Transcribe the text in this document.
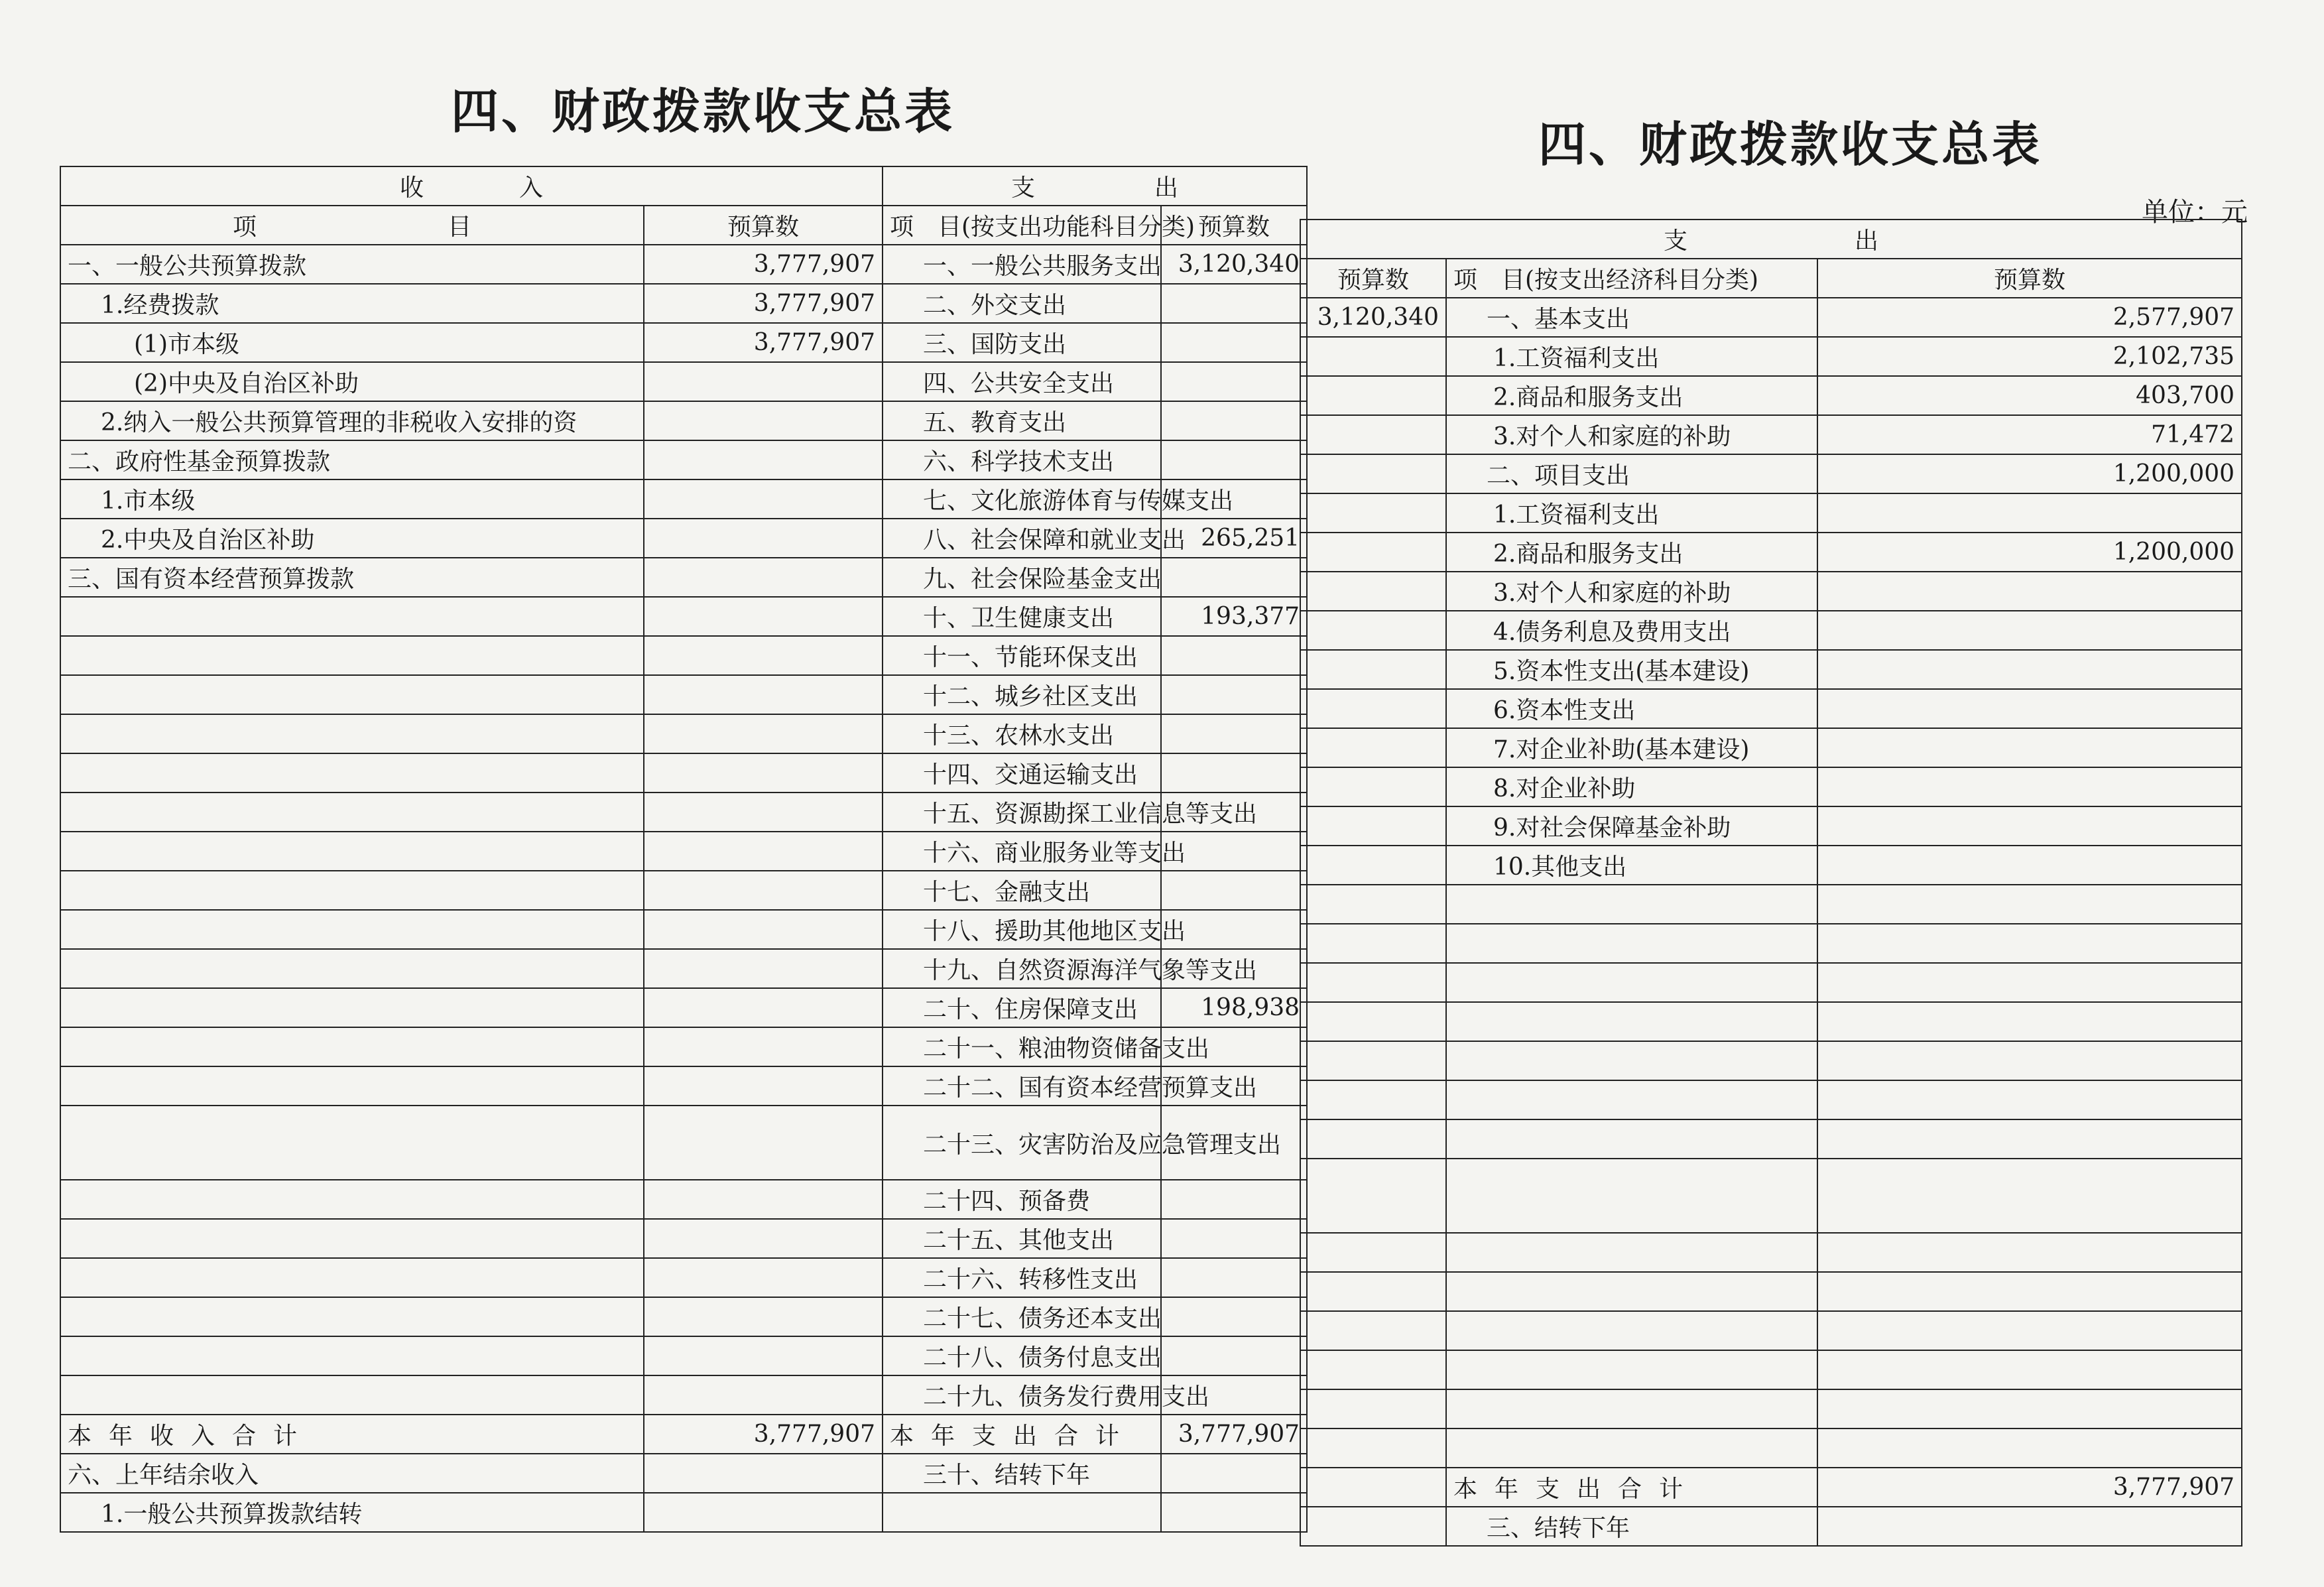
四、财政拨款收支总表
四、财政拨款收支总表
单位：元
收　　　　入		支　　　　　出	
项　　　　　　　　目	预算数	项　目(按支出功能科目分类)	预算数
一、一般公共预算拨款	3,777,907	一、一般公共服务支出	3,120,340
1.经费拨款	3,777,907	二、外交支出	
(1)市本级	3,777,907	三、国防支出	
(2)中央及自治区补助		四、公共安全支出	
2.纳入一般公共预算管理的非税收入安排的资		五、教育支出	
二、政府性基金预算拨款		六、科学技术支出	
1.市本级		七、文化旅游体育与传媒支出	
2.中央及自治区补助		八、社会保障和就业支出	265,251
三、国有资本经营预算拨款		九、社会保险基金支出	
		十、卫生健康支出	193,377
		十一、节能环保支出	
		十二、城乡社区支出	
		十三、农林水支出	
		十四、交通运输支出	
		十五、资源勘探工业信息等支出	
		十六、商业服务业等支出	
		十七、金融支出	
		十八、援助其他地区支出	
		十九、自然资源海洋气象等支出	
		二十、住房保障支出	198,938
		二十一、粮油物资储备支出	
		二十二、国有资本经营预算支出	
		二十三、灾害防治及应急管理支出	
		二十四、预备费	
		二十五、其他支出	
		二十六、转移性支出	
		二十七、债务还本支出	
		二十八、债务付息支出	
		二十九、债务发行费用支出	
本年收入合计	3,777,907	本年支出合计	3,777,907
六、上年结余收入		三十、结转下年	
1.一般公共预算拨款结转			
支　　　　　　　出		
预算数	项　目(按支出经济科目分类)	预算数
3,120,340	一、基本支出	2,577,907
	1.工资福利支出	2,102,735
	2.商品和服务支出	403,700
	3.对个人和家庭的补助	71,472
	二、项目支出	1,200,000
	1.工资福利支出	
	2.商品和服务支出	1,200,000
	3.对个人和家庭的补助	
	4.债务利息及费用支出	
	5.资本性支出(基本建设)	
	6.资本性支出	
	7.对企业补助(基本建设)	
	8.对企业补助	
	9.对社会保障基金补助	
	10.其他支出	

	本年支出合计	3,777,907
	三、结转下年	
